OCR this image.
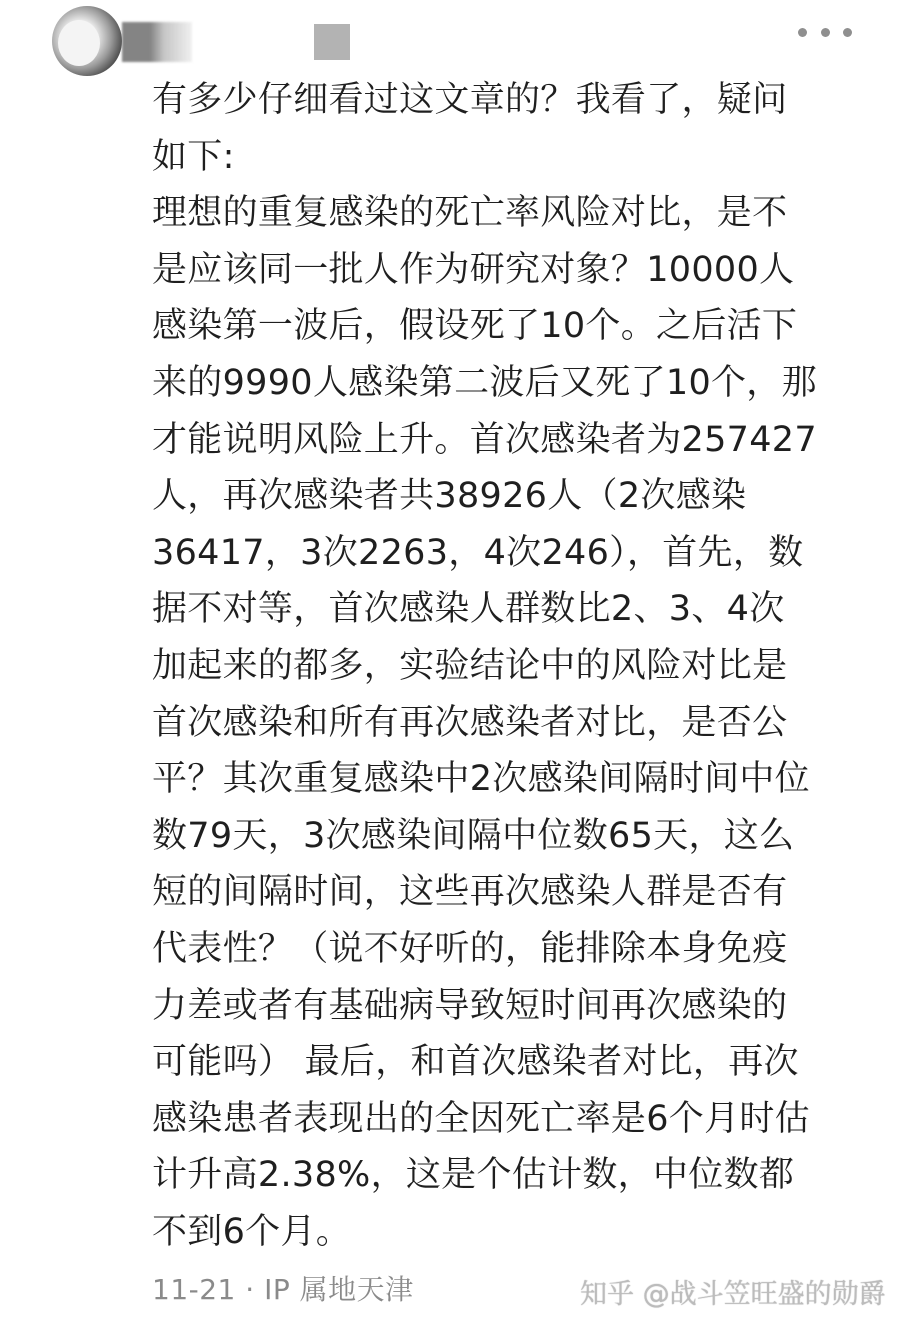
有多少仔细看过这文章的？我看了，疑问

如下:

理想的重复感染的死亡率风险对比，是不

是应该同一批人作为研究对象？10000人

感染第一波后，假设死了10个。之后活下

来的9990人感染第二波后又死了10个，那

才能说明风险上升。首次感染者为257427

人，再次感染者共38926人（2次感染

36417，3次2263，4次246），首先，数

据不对等，首次感染人群数比2、3、4次

加起来的都多，实验结论中的风险对比是

首次感染和所有再次感染者对比，是否公

平？其次重复感染中2次感染间隔时间中位

数79天，3次感染间隔中位数65天，这么

短的间隔时间，这些再次感染人群是否有

代表性？（说不好听的，能排除本身免疫

力差或者有基础病导致短时间再次感染的

可能吗） 最后，和首次感染者对比，再次

感染患者表现出的全因死亡率是6个月时估

计升高2.38%，这是个估计数，中位数都

不到6个月。

11-21 · IP 属地天津	知乎 @战斗笠旺盛的勋爵
